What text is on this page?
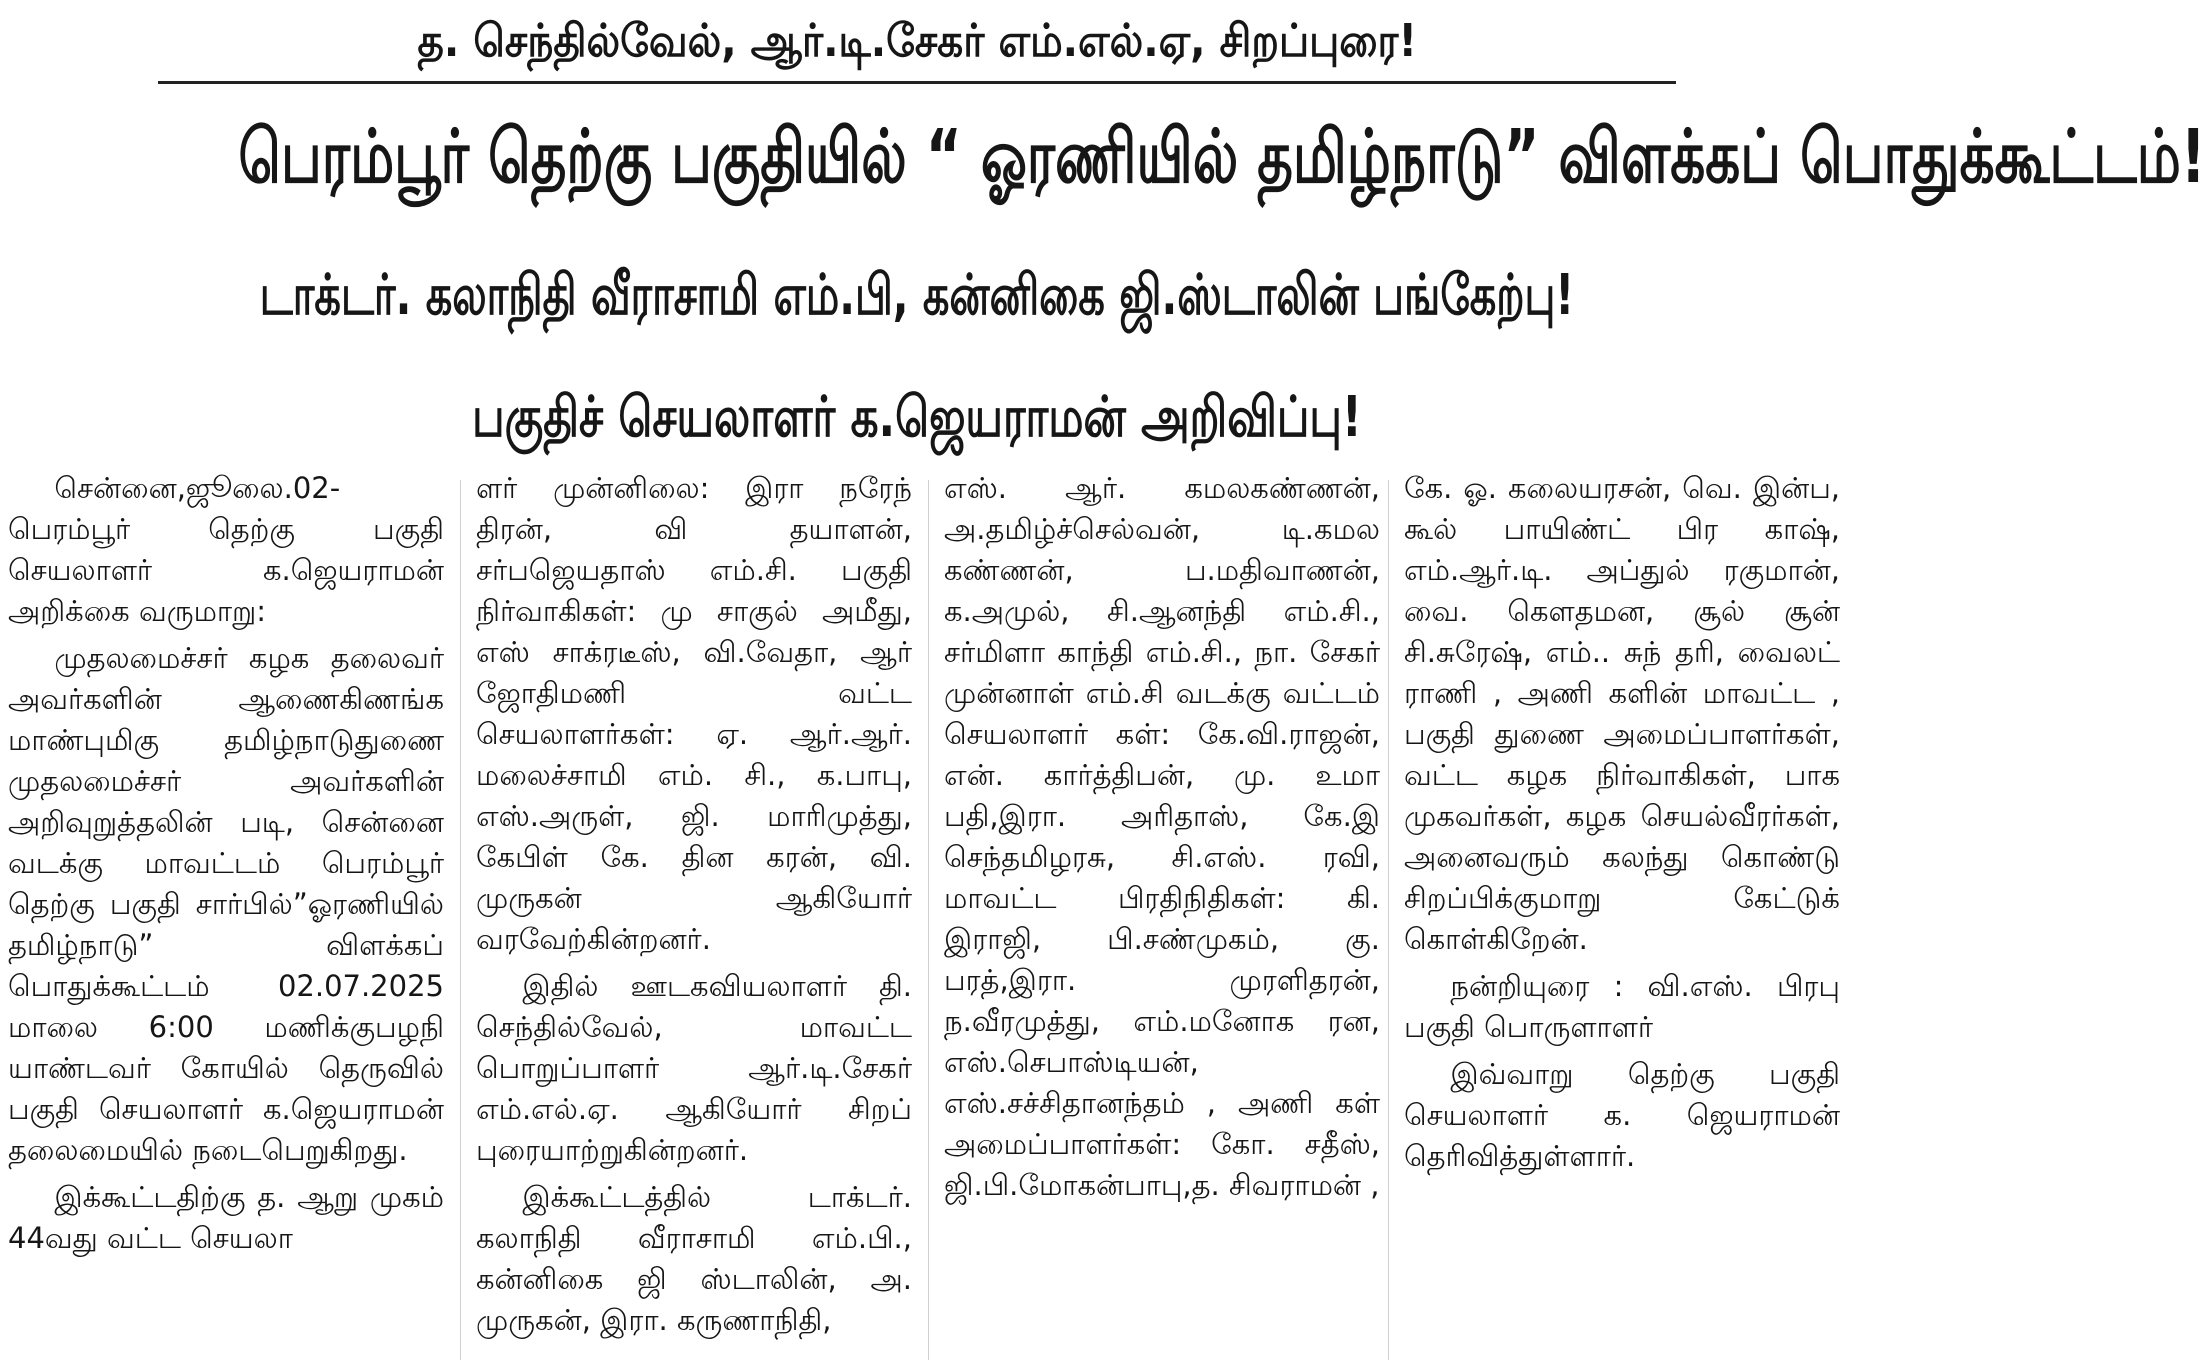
த. செந்தில்வேல், ஆர்.டி.சேகர் எம்.எல்.ஏ, சிறப்புரை!
பெரம்பூர் தெற்கு பகுதியில் “ ஓரணியில் தமிழ்நாடு” விளக்கப் பொதுக்கூட்டம்!
டாக்டர். கலாநிதி வீராசாமி எம்.பி, கன்னிகை ஜி.ஸ்டாலின் பங்கேற்பு!
பகுதிச் செயலாளர் க.ஜெயராமன் அறிவிப்பு!

சென்னை,ஜூலை.02- பெரம்பூர் தெற்கு பகுதி செயலாளர் க.ஜெயராமன் அறிக்கை வருமாறு:

முதலமைச்சர் கழக தலைவர் அவர்களின் ஆணைகிணங்க மாண்புமிகு தமிழ்நாடுதுணை முதலமைச்சர் அவர்களின் அறிவுறுத்தலின் படி, சென்னை வடக்கு மாவட்டம் பெரம்பூர் தெற்கு பகுதி சார்பில்”ஓரணியில் தமிழ்நாடு” விளக்கப் பொதுக்கூட்டம் 02.07.2025 மாலை 6:00 மணிக்குபழநி யாண்டவர் கோயில் தெருவில் பகுதி செயலாளர் க.ஜெயராமன் தலைமையில் நடைபெறுகிறது.

இக்கூட்டதிற்கு த. ஆறு முகம் 44வது வட்ட செயலா

ளர் முன்னிலை: இரா நரேந் திரன், வி தயாளன், சர்பஜெயதாஸ் எம்.சி. பகுதி நிர்வாகிகள்: மு சாகுல் அமீது, எஸ் சாக்ரடீஸ், வி.வேதா, ஆர் ஜோதிமணி வட்ட செயலாளர்கள்: ஏ. ஆர்.ஆர். மலைச்சாமி எம். சி., க.பாபு, எஸ்.அருள், ஜி. மாரிமுத்து, கேபிள் கே. தின கரன், வி. முருகன் ஆகியோர் வரவேற்கின்றனர்.

இதில் ஊடகவியலாளர் தி. செந்தில்வேல், மாவட்ட பொறுப்பாளர் ஆர்.டி.சேகர் எம்.எல்.ஏ. ஆகியோர் சிறப் புரையாற்றுகின்றனர்.

இக்கூட்டத்தில் டாக்டர். கலாநிதி வீராசாமி எம்.பி., கன்னிகை ஜி ஸ்டாலின், அ. முருகன், இரா. கருணாநிதி,

எஸ். ஆர். கமலகண்ணன், அ.தமிழ்ச்செல்வன், டி.கமல கண்ணன், ப.மதிவாணன், க.அமுல், சி.ஆனந்தி எம்.சி., சர்மிளா காந்தி எம்.சி., நா. சேகர் முன்னாள் எம்.சி வடக்கு வட்டம் செயலாளர் கள்: கே.வி.ராஜன், என். கார்த்திபன், மு. உமா பதி,இரா. அரிதாஸ், கே.இ செந்தமிழரசு, சி.எஸ். ரவி, மாவட்ட பிரதிநிதிகள்: கி. இராஜி, பி.சண்முகம், கு. பரத்,இரா. முரளிதரன், ந.வீரமுத்து, எம்.மனோக ரன, எஸ்.செபாஸ்டியன், எஸ்.சச்சிதானந்தம் , அணி கள் அமைப்பாளர்கள்: கோ. சதீஸ், ஜி.பி.மோகன்பாபு,த. சிவராமன் ,

கே. ஓ. கலையரசன், வெ. இன்ப, கூல் பாயிண்ட் பிர காஷ், எம்.ஆர்.டி. அப்துல் ரகுமான், வை. கௌதமன, சூல் சூன் சி.சுரேஷ், எம்.. சுந் தரி, வைலட் ராணி , அணி களின் மாவட்ட , பகுதி துணை அமைப்பாளர்கள், வட்ட கழக நிர்வாகிகள், பாக முகவர்கள், கழக செயல்வீரர்கள், அனைவரும் கலந்து கொண்டு சிறப்பிக்குமாறு கேட்டுக் கொள்கிறேன்.

நன்றியுரை : வி.எஸ். பிரபு பகுதி பொருளாளர்

இவ்வாறு தெற்கு பகுதி செயலாளர் க. ஜெயராமன் தெரிவித்துள்ளார்.
